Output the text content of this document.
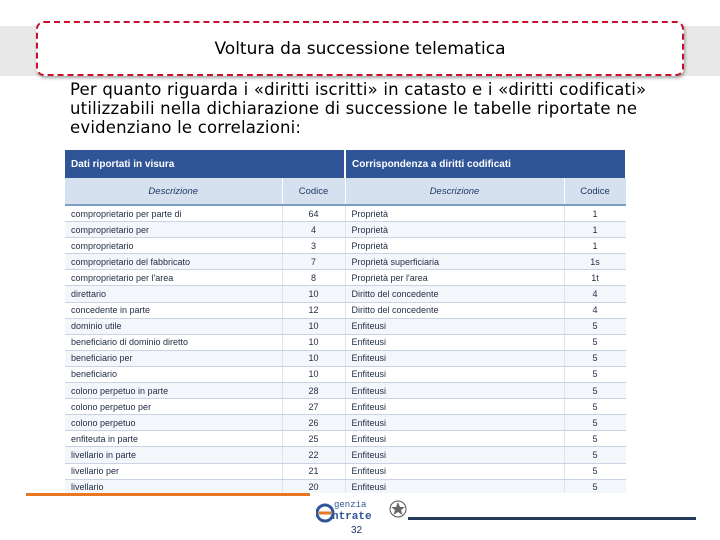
Voltura da successione telematica
Per quanto riguarda i «diritti iscritti» in catasto e i «diritti codificati» utilizzabili nella dichiarazione di successione le tabelle riportate ne evidenziano le correlazioni:
Dati riportati in visura		Corrispondenza a diritti codificati	
Descrizione	Codice	Descrizione	Codice
comproprietario per parte di	64	Proprietà	1
comproprietario per	4	Proprietà	1
comproprietario	3	Proprietà	1
comproprietario del fabbricato	7	Proprietà superficiaria	1s
comproprietario per l'area	8	Proprietà per l'area	1t
direttario	10	Diritto del concedente	4
concedente in parte	12	Diritto del concedente	4
dominio utile	10	Enfiteusi	5
beneficiario di dominio diretto	10	Enfiteusi	5
beneficiario per	10	Enfiteusi	5
beneficiario	10	Enfiteusi	5
colono perpetuo in parte	28	Enfiteusi	5
colono perpetuo per	27	Enfiteusi	5
colono perpetuo	26	Enfiteusi	5
enfiteuta in parte	25	Enfiteusi	5
livellario in parte	22	Enfiteusi	5
livellario per	21	Enfiteusi	5
livellario	20	Enfiteusi	5

genzia
ntrate
32
